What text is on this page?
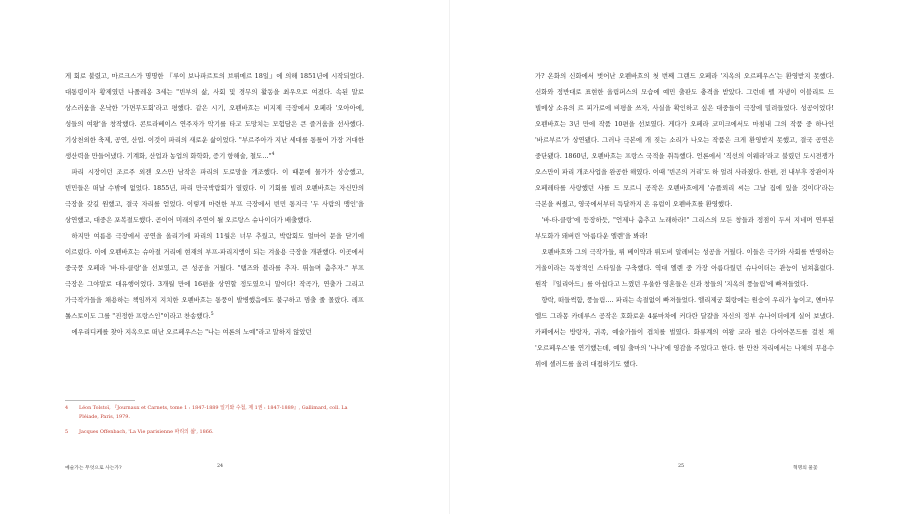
게 회로 불렸고, 마르크스가 명명한 『루이 보나파르트의 브뤼메르 18일』에 의해 1851년에 시작되었다. 대통령이자 황제였던 나폴레옹 3세는 "빈부의 삶, 사회 및 경무의 활동을 최우으로 여겼다. 속된 말로 상스러움을 온낙한 '가면무도회'라고 평했다. 같은 시기, 오펜바흐는 비지제 극장에서 오페라 '오아아에, 성들의 여왕'을 창작했다. 콘트라베이스 연주자가 악기를 타고 도망치는 모험담은 큰 즐거움을 선사했다. 기상천외한 축제, 공연, 산업. 이것이 파리의 새로운 삶이었다. "부르주아가 지난 세대를 통틀어 가장 거대한 생산력을 만들어냈다. 기계화, 산업과 농업의 화학화, 증기 항해술, 철도…"$^4$

파리 시장이던 조르주 외젠 오스만 남작은 파리의 도로망을 개조했다. 이 때문에 물가가 상승했고, 빈민들은 떠날 수밖에 없었다. 1855년, 파리 만국박람회가 열렸다. 이 기회를 빌려 오펜바흐는 자신만의 극장을 갖길 원했고, 결국 자리를 얻었다. 이렇게 마련한 부프 극장에서 빈민 통지극 '두 사람의 맹인'을 상연했고, 대중은 포복절도했다. 곧이어 미래의 주연이 될 오르탕스 슈나이더가 배출했다.

하지만 여름용 극장에서 공연을 올리기에 파리의 11월은 너무 추웠고, 박람회도 얼마어 문을 닫기에 이르렀다. 이에 오펜바흐는 슈아절 거리에 현재의 부프-파리지앵이 되는 겨울용 극장을 개관했다. 이곳에서 중국풍 오페라 '바-타-클랑'을 선보였고, 큰 성공을 거뒀다. "탬즈와 블라를 추자. 뛰놀며 춤추자." 부프 극장은 그야말로 대유행이었다. 3개월 만에 16편을 상연할 정도였으니 말이다! 작곡가, 연출가 그리고 가극작가들을 채용하는 책임까지 지치한 오펜바흐는 통풍이 발병했음에도 불구하고 멈출 줄 몰랐다. 레프 톨스토이도 그를 "진정한 프랑스인"이라고 찬송했다.$^5$

에우리디케를 찾아 지옥으로 떠난 오르페우스는 "나는 여론의 노예"라고 말하지 않았던

4	Léon Tolstoï, 『Journaux et Carnets, tome 1 : 1847-1889 일기와 수첩, 제 1권 : 1847-1889』, Gallimard, coll. La Pléiade, Paris, 1979.
5	Jacques Offenbach, 'La Vie parisienne 파리의 삶', 1866.
예술가는 무엇으로 사는가?	24

가? 온화의 신화에서 벗어난 오펜바흐의 첫 번째 그랜드 오페라 '지옥의 오르페우스'는 환영받지 못했다. 신화와 정반대로 표현한 올림퍼스의 모습에 예민 출판도 충격을 받았다. 그런데 펠 자냉이 이블리트 드 빌메상 소유의 르 피가로에 비평을 쓰자, 사실을 확인하고 싶은 대중들이 극장에 밀려들었다. 성공이었다! 오펜바흐는 3년 만에 작품 10편을 선보였다. 게다가 오페라 코미크에서도 마침내 그의 작품 중 하나인 '바르부르'가 상연됐다. 그러나 극본에 개 짖는 소리가 나오는 작품은 크게 환영받지 못했고, 결국 공연은 중단됐다. 1860년, 오펜바흐는 프랑스 국적을 취득했다. 언론에서 '직선의 이웨라'라고 불렸던 도시전쟁가 오스만이 파리 개조사업을 완공한 해였다. 이때 '빈곤의 거리'도 하 얼려 사라졌다. 한편, 전 내부후 장관이자 오페레타를 사랑했던 샤를 드 모르니 공작은 오펜바흐에게 '슈플뢰리 씨는 그날 집에 있을 것이다'라는 극본을 써줬고, 영국에서부터 득달까지 온 유럽이 오펜바흐를 환영했다.

'바-타-클랑'에 등장하듯, "언제나 춤추고 노래하라!" 그리스의 모든 창들과 정점이 두서 지네며 연루된 부도화가 돼버린 '아름다운 엘렌'을 봐라!

오펜바흐와 그의 극작가들, 뤼 베이약과 뤼도비 알레비는 성공을 거뒀다. 이들은 극가와 사회를 반영하는 거울이라는 독창적인 스타일을 구축했다. 역대 엘렌 중 가장 아름다웠던 슈나이더는 관능이 넘쳐흘렀다. 원작 『일리아드』를 아쉽다고 느꼈던 우울한 영혼들은 신과 창들의 '지옥의 풍놀림'에 빠져들었다.

향락, 떠들썩함, 풍놀림…. 파리는 속절없이 빠져들었다. 엘리제궁 회랑에는 원숭이 우리가 놓이고, 옌마무 엘드 그라몽 카데루스 공작은 호화로운 4륜마차에 커다란 달걀을 자신의 정부 슈나이더에게 실어 보냈다. 카페에서는 방랑자, 귀족, 예술가들이 겹치를 벌였다. 화류계의 여왕 코라 펄은 다이아몬드를 걸친 채 '오르페우스'를 연기했는데, 예일 출마의 '나나'에 영감을 주었다고 한다. 한 만찬 자리에서는 나체의 무용수 위에 셀러드를 올려 대접하기도 했다.

25	혁명의 물꽃
